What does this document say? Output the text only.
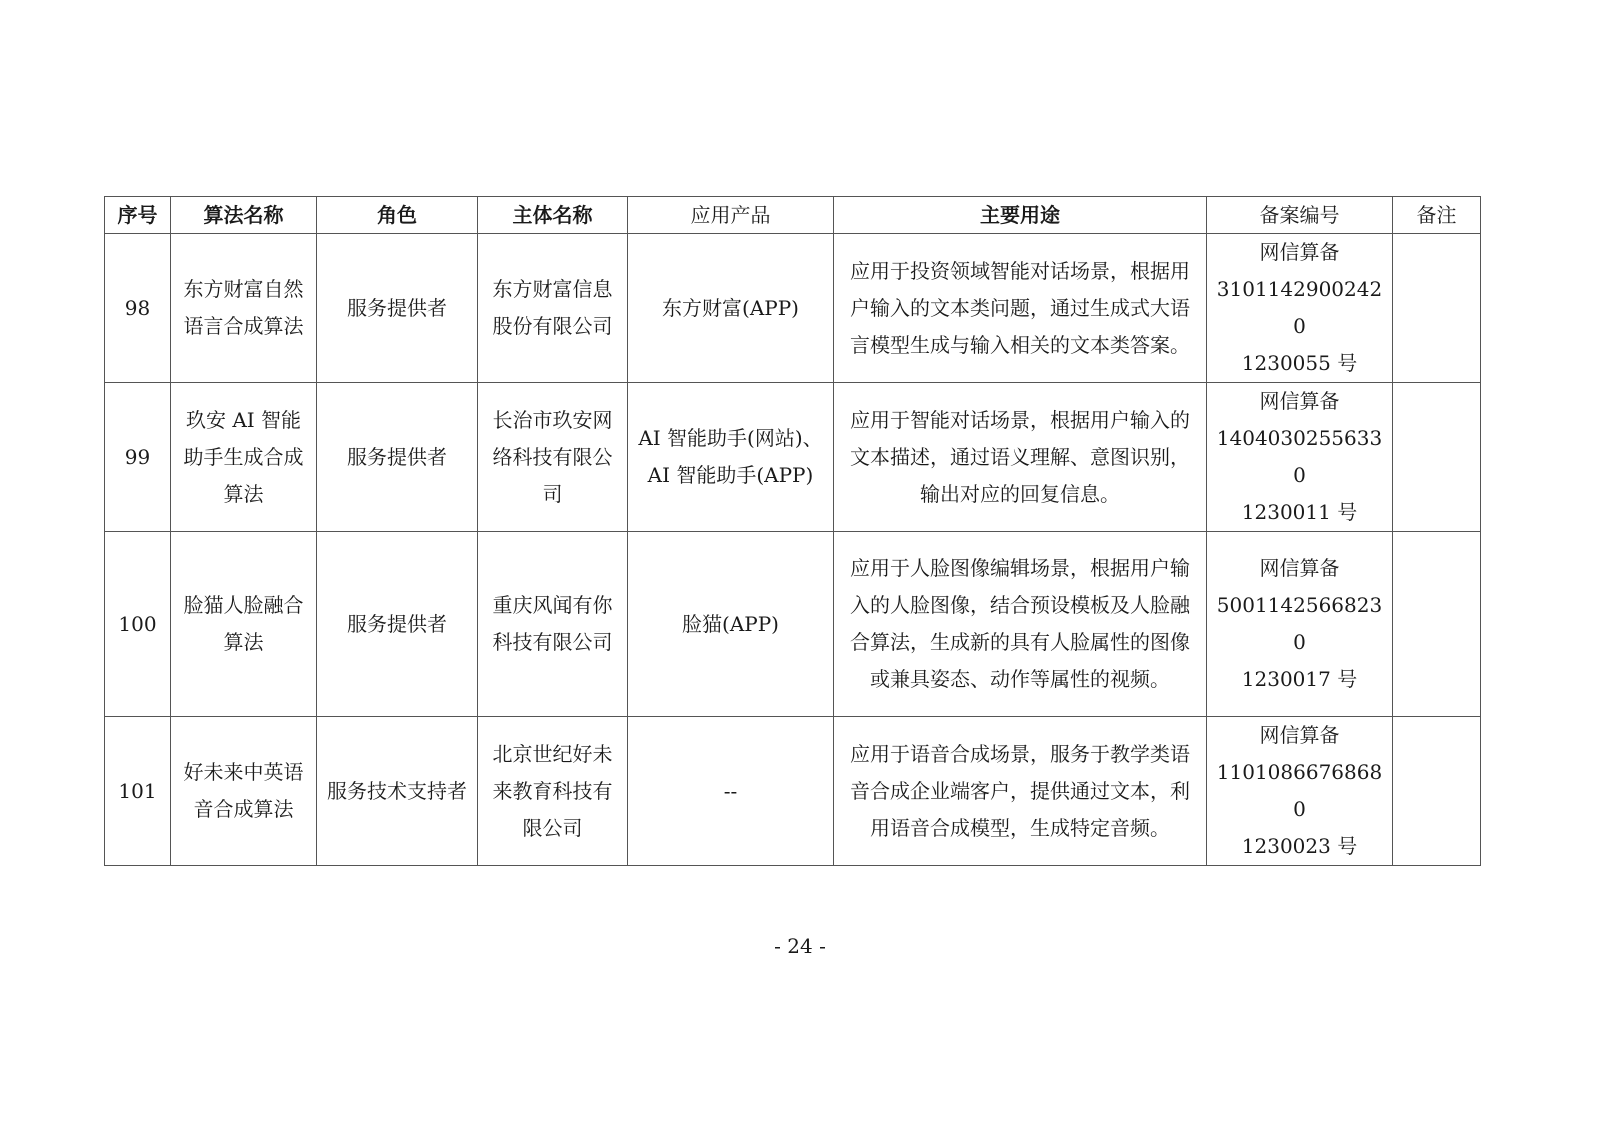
序号	算法名称	角色	主体名称	应用产品	主要用途	备案编号	备注
98	东方财富自然语言合成算法	服务提供者	东方财富信息股份有限公司	东方财富(APP)	应用于投资领域智能对话场景，根据用户输入的文本类问题，通过生成式大语言模型生成与输入相关的文本类答案。	网信算备
31011429002420
1230055 号	

99	玖安 AI 智能助手生成合成算法	服务提供者	长治市玖安网络科技有限公司	AI 智能助手(网站)、AI 智能助手(APP)	应用于智能对话场景，根据用户输入的文本描述，通过语义理解、意图识别，输出对应的回复信息。	网信算备
14040302556330
1230011 号	

100	脸猫人脸融合算法	服务提供者	重庆风闻有你科技有限公司	脸猫(APP)	应用于人脸图像编辑场景，根据用户输入的人脸图像，结合预设模板及人脸融合算法，生成新的具有人脸属性的图像或兼具姿态、动作等属性的视频。	网信算备
50011425668230
1230017 号	

101	好未来中英语音合成算法	服务技术支持者	北京世纪好未来教育科技有限公司	--	应用于语音合成场景，服务于教学类语音合成企业端客户，提供通过文本，利用语音合成模型，生成特定音频。	网信算备
11010866768680
1230023 号	

- 24 -
